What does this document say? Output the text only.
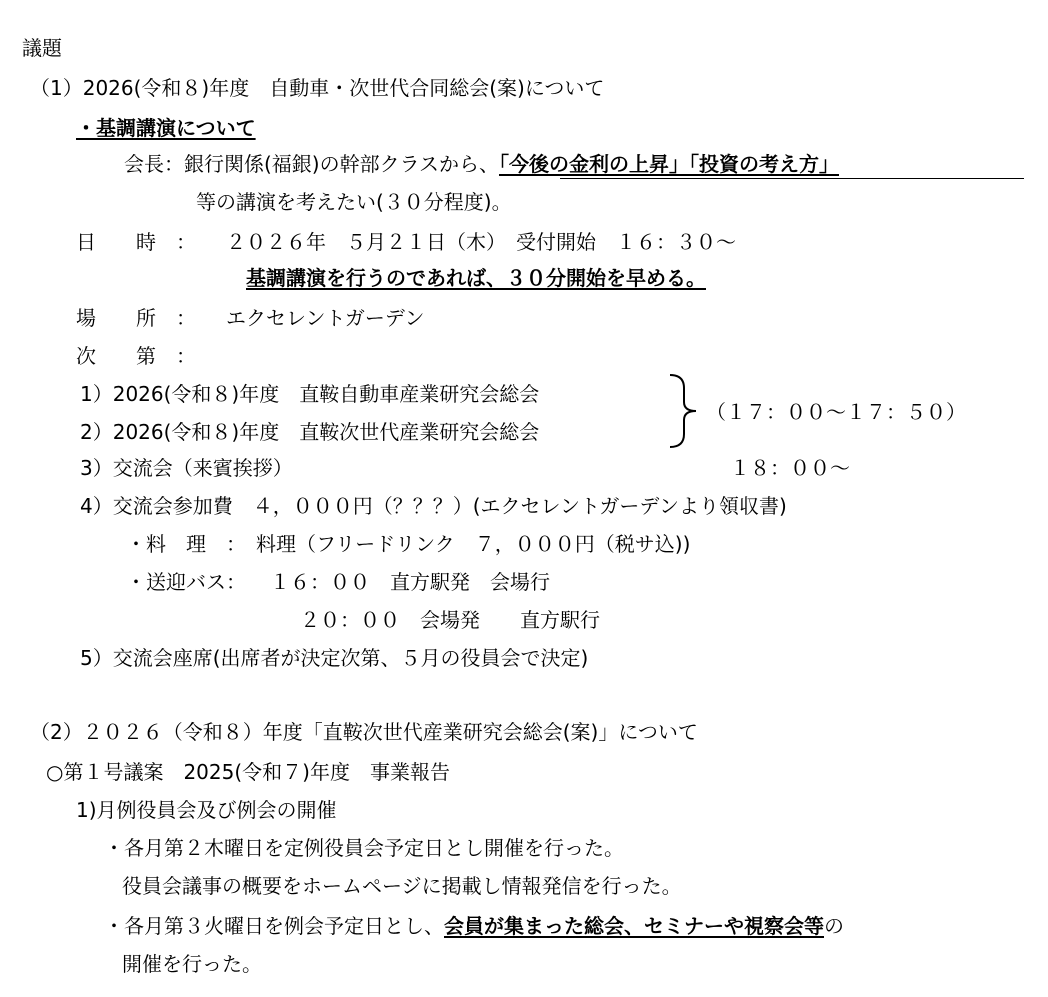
議題
（1）2026(令和８)年度　自動車・次世代合同総会(案)について
・基調講演について
会長：銀行関係(福銀)の幹部クラスから、「今後の金利の上昇」「投資の考え方」
等の講演を考えたい(３０分程度)。
日　　時　： ２０２６年　５月２１日（木）　受付開始　１６：３０～
基調講演を行うのであれば、３０分開始を早める。
場　　所　： エクセレントガーデン
次　　第　：
1）2026(令和８)年度　直鞍自動車産業研究会総会
2）2026(令和８)年度　直鞍次世代産業研究会総会
（１７：００～１７：５０）
3）交流会（来賓挨拶）	１８：００～
4）交流会参加費　４，０００円（？？？）(エクセレントガーデンより領収書)
・料　理　：　料理（フリードリンク　７，０００円（税サ込))
・送迎バス： １６：００　直方駅発　会場行
２０：００　会場発　　直方駅行
5）交流会座席(出席者が決定次第、５月の役員会で決定)
（2）２０２６（令和８）年度「直鞍次世代産業研究会総会(案)」について
○第１号議案　2025(令和７)年度　事業報告
1)月例役員会及び例会の開催
・各月第２木曜日を定例役員会予定日とし開催を行った。
役員会議事の概要をホームページに掲載し情報発信を行った。
・各月第３火曜日を例会予定日とし、会員が集まった総会、セミナーや視察会等の
開催を行った。
